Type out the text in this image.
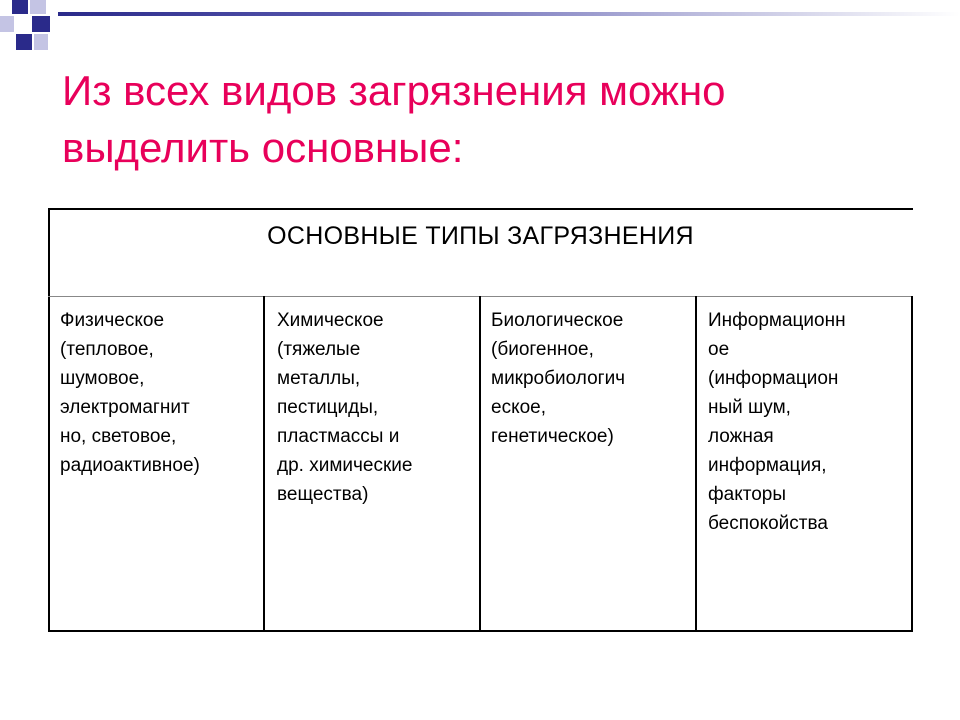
Из всех видов загрязнения можно выделить основные:
ОСНОВНЫЕ ТИПЫ ЗАГРЯЗНЕНИЯ
Физическое
(тепловое,
шумовое,
электромагнит
но, световое,
радиоактивное)
Химическое
(тяжелые
металлы,
пестициды,
пластмассы и
др. химические
вещества)
Биологическое
(биогенное,
микробиологич
еское,
генетическое)
Информационн
ое
(информацион
ный шум,
ложная
информация,
факторы
беспокойства
